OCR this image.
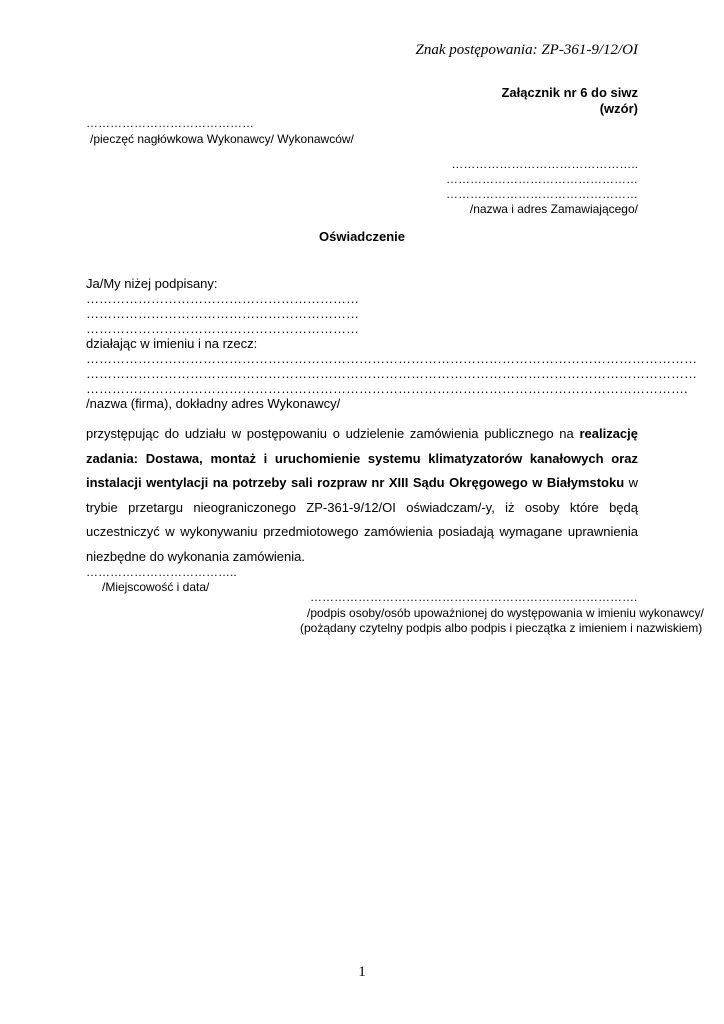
Znak postępowania: ZP-361-9/12/OI
Załącznik nr 6 do siwz
(wzór)
……………………………………
/pieczęć nagłówkowa Wykonawcy/ Wykonawców/
………………………………………..
…………………………………………
…………………………………………
/nazwa i adres Zamawiającego/
Oświadczenie
Ja/My niżej podpisany:
………………………………………………………
………………………………………………………
………………………………………………………
działając w imieniu i na rzecz:
……………………………………………………………………………………………………………………………
……………………………………………………………………………………………………………………………
………………………………………………………………………………………………………………………….
/nazwa (firma), dokładny adres Wykonawcy/
przystępując do udziału w postępowaniu o udzielenie zamówienia publicznego na realizację zadania: Dostawa, montaż i uruchomienie systemu klimatyzatorów kanałowych oraz instalacji wentylacji na potrzeby sali rozpraw nr XIII Sądu Okręgowego w Białymstoku w trybie przetargu nieograniczonego ZP-361-9/12/OI oświadczam/-y, iż osoby które będą uczestniczyć w wykonywaniu przedmiotowego zamówienia posiadają wymagane uprawnienia niezbędne do wykonania zamówienia.
………………………………..
/Miejscowość i data/
……………………………………………………………………….
/podpis osoby/osób upoważnionej do występowania w imieniu wykonawcy/
(pożądany czytelny podpis albo podpis i pieczątka z imieniem i nazwiskiem)
1
